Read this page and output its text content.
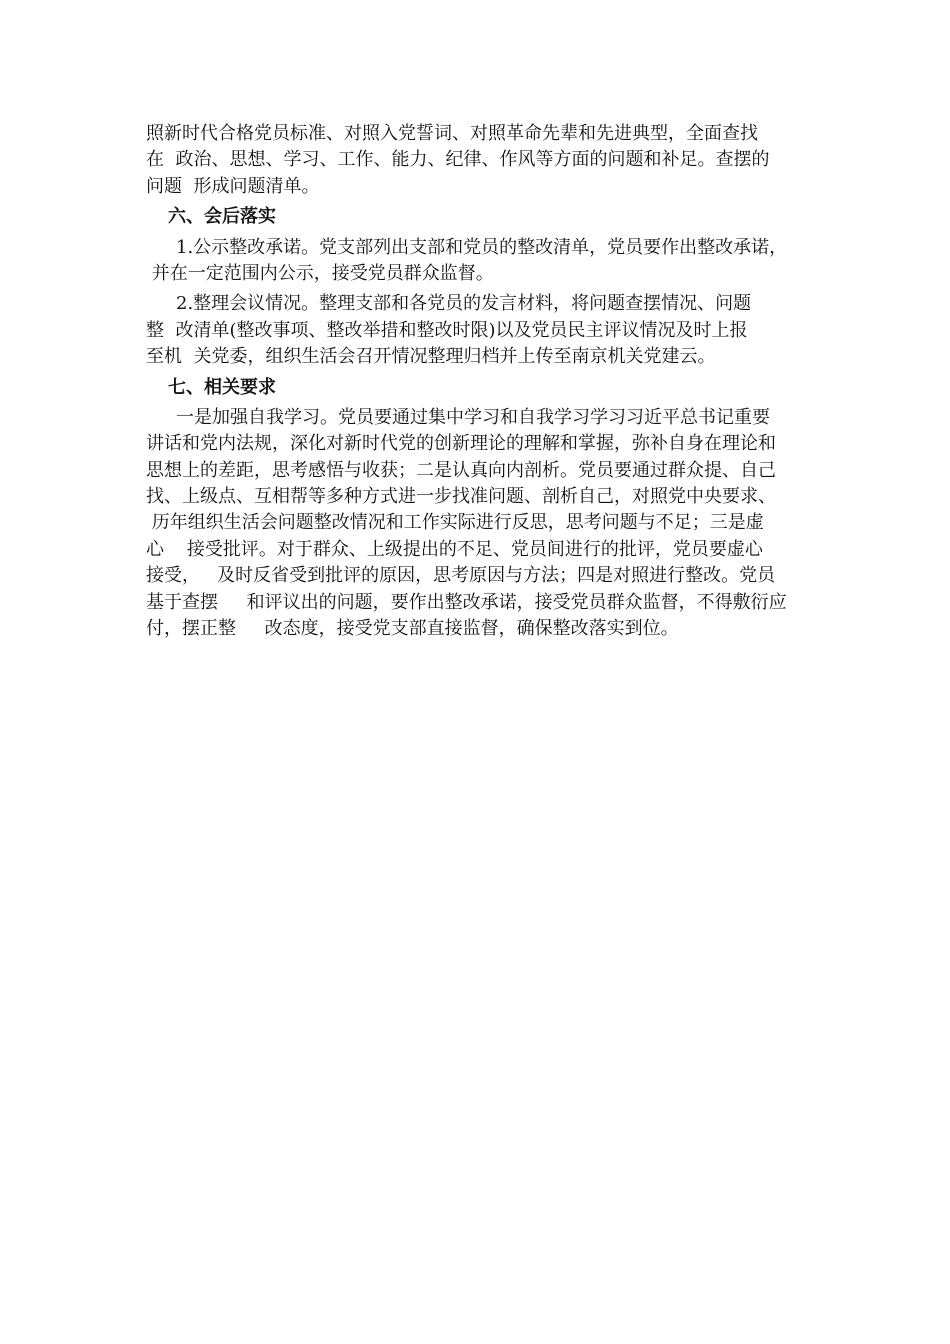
照新时代合格党员标准、对照入党誓词、对照革命先辈和先进典型，全面查找
在  政治、思想、学习、工作、能力、纪律、作风等方面的问题和补足。查摆的
问题  形成问题清单。
六、会后落实
1.公示整改承诺。党支部列出支部和党员的整改清单，党员要作出整改承诺，
并在一定范围内公示，接受党员群众监督。
2.整理会议情况。整理支部和各党员的发言材料，将问题查摆情况、问题
整  改清单(整改事项、整改举措和整改时限)以及党员民主评议情况及时上报
至机  关党委，组织生活会召开情况整理归档并上传至南京机关党建云。
七、相关要求
一是加强自我学习。党员要通过集中学习和自我学习学习习近平总书记重要
讲话和党内法规，深化对新时代党的创新理论的理解和掌握，弥补自身在理论和
思想上的差距，思考感悟与收获；二是认真向内剖析。党员要通过群众提、自己
找、上级点、互相帮等多种方式进一步找准问题、剖析自己，对照党中央要求、
历年组织生活会问题整改情况和工作实际进行反思，思考问题与不足；三是虚
心    接受批评。对于群众、上级提出的不足、党员间进行的批评，党员要虚心
接受，   及时反省受到批评的原因，思考原因与方法；四是对照进行整改。党员
基于查摆     和评议出的问题，要作出整改承诺，接受党员群众监督，不得敷衍应
付，摆正整     改态度，接受党支部直接监督，确保整改落实到位。
